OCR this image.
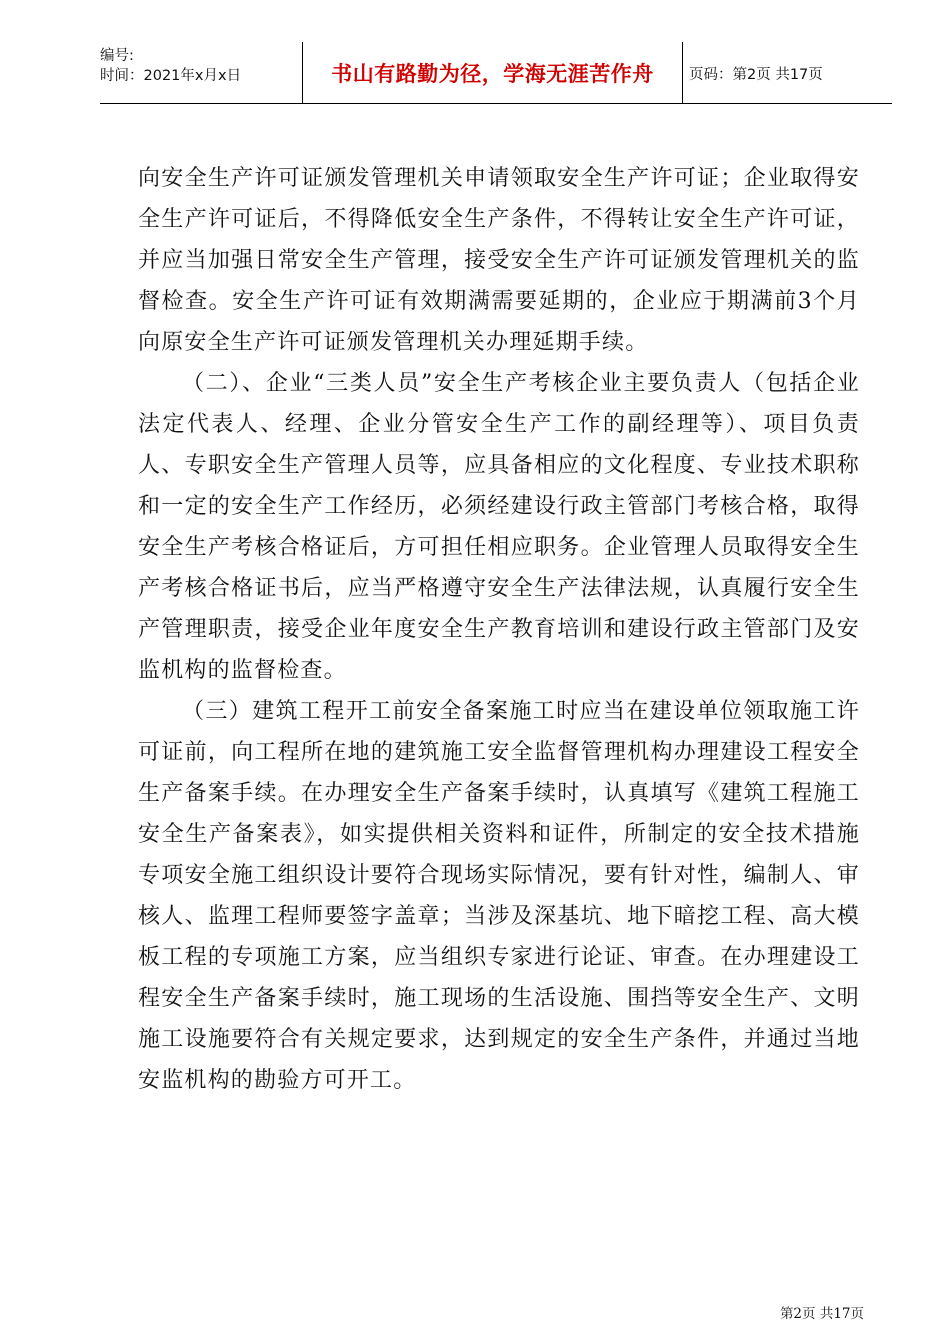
编号:
时间：2021年x月x日	书山有路勤为径，学海无涯苦作舟	页码：第2页 共17页

向安全生产许可证颁发管理机关申请领取安全生产许可证；企业取得安全生产许可证后，不得降低安全生产条件，不得转让安全生产许可证，并应当加强日常安全生产管理，接受安全生产许可证颁发管理机关的监督检查。安全生产许可证有效期满需要延期的，企业应于期满前3个月向原安全生产许可证颁发管理机关办理延期手续。

（二）、企业“三类人员”安全生产考核企业主要负责人（包括企业法定代表人、经理、企业分管安全生产工作的副经理等）、项目负责人、专职安全生产管理人员等，应具备相应的文化程度、专业技术职称和一定的安全生产工作经历，必须经建设行政主管部门考核合格，取得安全生产考核合格证后，方可担任相应职务。企业管理人员取得安全生产考核合格证书后，应当严格遵守安全生产法律法规，认真履行安全生产管理职责，接受企业年度安全生产教育培训和建设行政主管部门及安监机构的监督检查。

（三）建筑工程开工前安全备案施工时应当在建设单位领取施工许可证前，向工程所在地的建筑施工安全监督管理机构办理建设工程安全生产备案手续。在办理安全生产备案手续时，认真填写《建筑工程施工安全生产备案表》，如实提供相关资料和证件，所制定的安全技术措施专项安全施工组织设计要符合现场实际情况，要有针对性，编制人、审核人、监理工程师要签字盖章；当涉及深基坑、地下暗挖工程、高大模板工程的专项施工方案，应当组织专家进行论证、审查。在办理建设工程安全生产备案手续时，施工现场的生活设施、围挡等安全生产、文明施工设施要符合有关规定要求，达到规定的安全生产条件，并通过当地安监机构的勘验方可开工。

第2页 共17页
